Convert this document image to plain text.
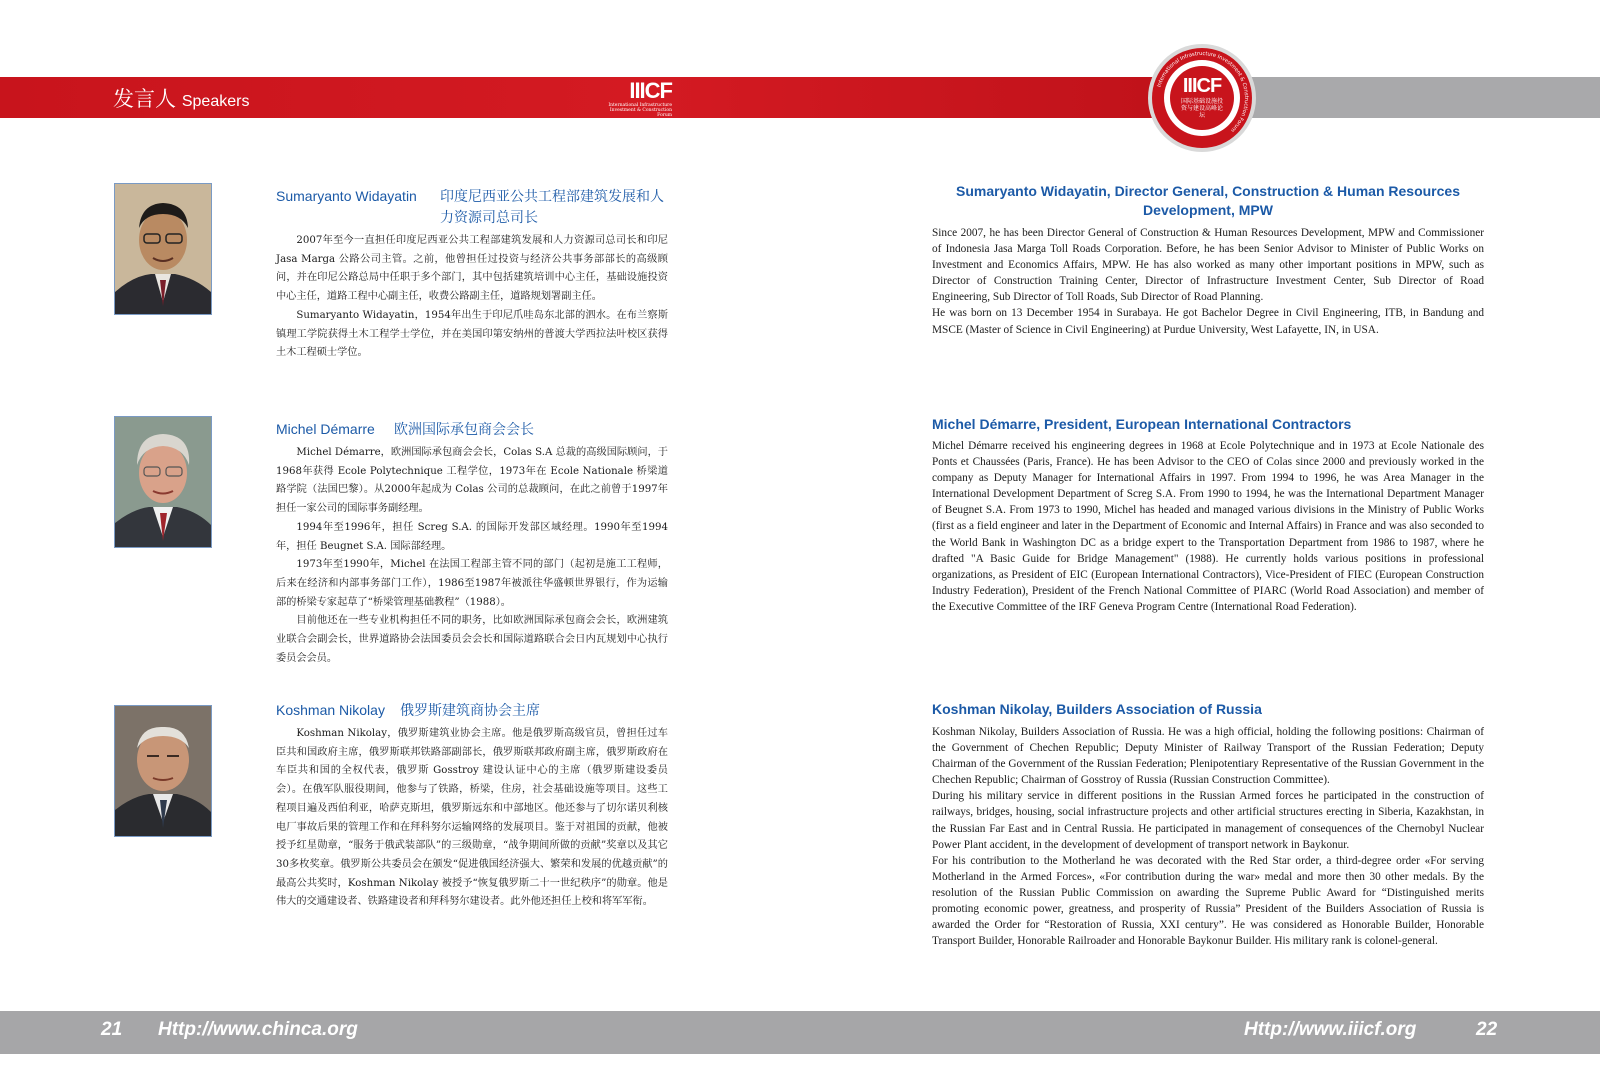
发言人 Speakers	IIICF
International Infrastructure Investment & Construction Forum
International Infrastructure Investment & Construction Forum
IIICF
国际基础设施投资与建设高峰论坛
Sumaryanto Widayatin 印度尼西亚公共工程部建筑发展和人力资源司总司长

2007年至今一直担任印度尼西亚公共工程部建筑发展和人力资源司总司长和印尼 Jasa Marga 公路公司主管。之前，他曾担任过投资与经济公共事务部部长的高级顾问，并在印尼公路总局中任职于多个部门，其中包括建筑培训中心主任，基础设施投资中心主任，道路工程中心副主任，收费公路副主任，道路规划署副主任。

Sumaryanto Widayatin，1954年出生于印尼爪哇岛东北部的泗水。在布兰察斯镇理工学院获得土木工程学士学位，并在美国印第安纳州的普渡大学西拉法叶校区获得土木工程硕士学位。

Michel Démarre 欧洲国际承包商会会长

Michel Démarre，欧洲国际承包商会会长，Colas S.A 总裁的高级国际顾问，于1968年获得 Ecole Polytechnique 工程学位，1973年在 Ecole Nationale 桥梁道路学院（法国巴黎）。从2000年起成为 Colas 公司的总裁顾问，在此之前曾于1997年担任一家公司的国际事务副经理。

1994年至1996年，担任 Screg S.A. 的国际开发部区域经理。1990年至1994年，担任 Beugnet S.A. 国际部经理。

1973年至1990年，Michel 在法国工程部主管不同的部门（起初是施工工程师，后来在经济和内部事务部门工作），1986至1987年被派往华盛顿世界银行，作为运输部的桥梁专家起草了“桥梁管理基础教程”（1988）。

目前他还在一些专业机构担任不同的职务，比如欧洲国际承包商会会长，欧洲建筑业联合会副会长，世界道路协会法国委员会会长和国际道路联合会日内瓦规划中心执行委员会会员。

Koshman Nikolay 俄罗斯建筑商协会主席

Koshman Nikolay，俄罗斯建筑业协会主席。他是俄罗斯高级官员，曾担任过车臣共和国政府主席，俄罗斯联邦铁路部副部长，俄罗斯联邦政府副主席，俄罗斯政府在车臣共和国的全权代表，俄罗斯 Gosstroy 建设认证中心的主席（俄罗斯建设委员会）。在俄军队服役期间，他参与了铁路，桥梁，住房，社会基础设施等项目。这些工程项目遍及西伯利亚，哈萨克斯坦，俄罗斯远东和中部地区。他还参与了切尔诺贝利核电厂事故后果的管理工作和在拜科努尔运输网络的发展项目。鉴于对祖国的贡献，他被授予红星勋章，“服务于俄武装部队”的三级勋章，“战争期间所做的贡献”奖章以及其它30多枚奖章。俄罗斯公共委员会在颁发“促进俄国经济强大、繁荣和发展的优越贡献”的最高公共奖时，Koshman Nikolay 被授予“恢复俄罗斯二十一世纪秩序”的勋章。他是伟大的交通建设者、铁路建设者和拜科努尔建设者。此外他还担任上校和将军军衔。

Sumaryanto Widayatin, Director General, Construction & Human Resources
Development, MPW

Since 2007, he has been Director General of Construction & Human Resources Development, MPW and Commissioner of Indonesia Jasa Marga Toll Roads Corporation. Before, he has been Senior Advisor to Minister of Public Works on Investment and Economics Affairs, MPW. He has also worked as many other important positions in MPW, such as Director of Construction Training Center, Director of Infrastructure Investment Center, Sub Director of Road Engineering, Sub Director of Toll Roads, Sub Director of Road Planning.

He was born on 13 December 1954 in Surabaya. He got Bachelor Degree in Civil Engineering, ITB, in Bandung and MSCE (Master of Science in Civil Engineering) at Purdue University, West Lafayette, IN, in USA.

Michel Démarre, President, European International Contractors

Michel Démarre received his engineering degrees in 1968 at Ecole Polytechnique and in 1973 at Ecole Nationale des Ponts et Chaussées (Paris, France). He has been Advisor to the CEO of Colas since 2000 and previously worked in the company as Deputy Manager for International Affairs in 1997. From 1994 to 1996, he was Area Manager in the International Development Department of Screg S.A. From 1990 to 1994, he was the International Department Manager of Beugnet S.A. From 1973 to 1990, Michel has headed and managed various divisions in the Ministry of Public Works (first as a field engineer and later in the Department of Economic and Internal Affairs) in France and was also seconded to the World Bank in Washington DC as a bridge expert to the Transportation Department from 1986 to 1987, where he drafted "A Basic Guide for Bridge Management" (1988). He currently holds various positions in professional organizations, as President of EIC (European International Contractors), Vice-President of FIEC (European Construction Industry Federation), President of the French National Committee of PIARC (World Road Association) and member of the Executive Committee of the IRF Geneva Program Centre (International Road Federation).

Koshman Nikolay, Builders Association of Russia

Koshman Nikolay, Builders Association of Russia. He was a high official, holding the following positions: Chairman of the Government of Chechen Republic; Deputy Minister of Railway Transport of the Russian Federation; Deputy Chairman of the Government of the Russian Federation; Plenipotentiary Representative of the Russian Government in the Chechen Republic; Chairman of Gosstroy of Russia (Russian Construction Committee).

During his military service in different positions in the Russian Armed forces he participated in the construction of railways, bridges, housing, social infrastructure projects and other artificial structures erecting in Siberia, Kazakhstan, in the Russian Far East and in Central Russia. He participated in management of consequences of the Chernobyl Nuclear Power Plant accident, in the development of development of transport network in Baykonur.

For his contribution to the Motherland he was decorated with the Red Star order, a third-degree order «For serving Motherland in the Armed Forces», «For contribution during the war» medal and more then 30 other medals. By the resolution of the Russian Public Commission on awarding the Supreme Public Award for “Distinguished merits promoting economic power, greatness, and prosperity of Russia” President of the Builders Association of Russia is awarded the Order for “Restoration of Russia, XXI century”. He was considered as Honorable Builder, Honorable Transport Builder, Honorable Railroader and Honorable Baykonur Builder. His military rank is colonel-general.

21 Http://www.chinca.org	Http://www.iiicf.org	22
